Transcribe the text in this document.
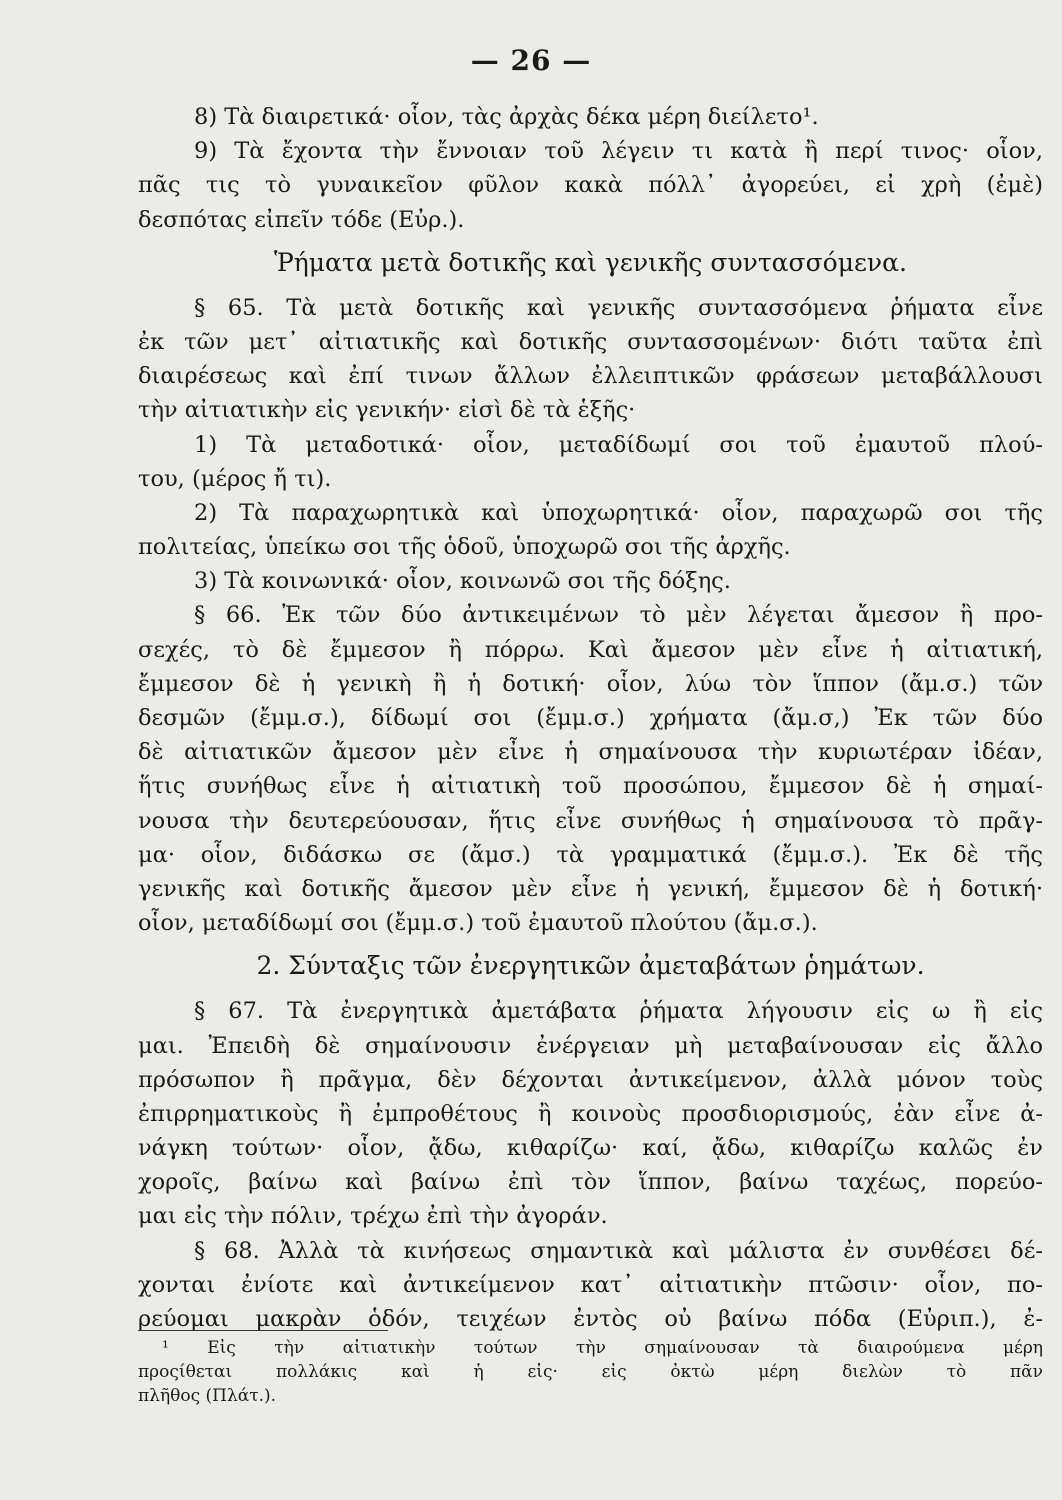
— 26 —
8) Τὰ διαιρετικά· οἷον, τὰς ἀρχὰς δέκα μέρη διείλετο¹.
9) Τὰ ἔχοντα τὴν ἔννοιαν τοῦ λέγειν τι κατὰ ἢ περί τινος· οἷον,
πᾶς τις τὸ γυναικεῖον φῦλον κακὰ πόλλ᾿ ἀγορεύει, εἰ χρὴ (ἐμὲ)
δεσπότας εἰπεῖν τόδε (Εὐρ.).
Ῥήματα μετὰ δοτικῆς καὶ γενικῆς συντασσόμενα.
§ 65. Τὰ μετὰ δοτικῆς καὶ γενικῆς συντασσόμενα ῥήματα εἶνε
ἐκ τῶν μετ᾿ αἰτιατικῆς καὶ δοτικῆς συντασσομένων· διότι ταῦτα ἐπὶ
διαιρέσεως καὶ ἐπί τινων ἄλλων ἐλλειπτικῶν φράσεων μεταβάλλουσι
τὴν αἰτιατικὴν εἰς γενικήν· εἰσὶ δὲ τὰ ἑξῆς·
1) Τὰ μεταδοτικά· οἷον, μεταδίδωμί σοι τοῦ ἐμαυτοῦ πλού-
του, (μέρος ἤ τι).
2) Τὰ παραχωρητικὰ καὶ ὑποχωρητικά· οἷον, παραχωρῶ σοι τῆς
πολιτείας, ὑπείκω σοι τῆς ὁδοῦ, ὑποχωρῶ σοι τῆς ἀρχῆς.
3) Τὰ κοινωνικά· οἷον, κοινωνῶ σοι τῆς δόξης.
§ 66. Ἐκ τῶν δύο ἀντικειμένων τὸ μὲν λέγεται ἄμεσον ἢ προ-
σεχές, τὸ δὲ ἔμμεσον ἢ πόρρω. Καὶ ἄμεσον μὲν εἶνε ἡ αἰτιατική,
ἔμμεσον δὲ ἡ γενικὴ ἢ ἡ δοτική· οἷον, λύω τὸν ἵππον (ἄμ.σ.) τῶν
δεσμῶν (ἔμμ.σ.), δίδωμί σοι (ἔμμ.σ.) χρήματα (ἄμ.σ,) Ἐκ τῶν δύο
δὲ αἰτιατικῶν ἄμεσον μὲν εἶνε ἡ σημαίνουσα τὴν κυριωτέραν ἰδέαν,
ἥτις συνήθως εἶνε ἡ αἰτιατικὴ τοῦ προσώπου, ἔμμεσον δὲ ἡ σημαί-
νουσα τὴν δευτερεύουσαν, ἥτις εἶνε συνήθως ἡ σημαίνουσα τὸ πρᾶγ-
μα· οἷον, διδάσκω σε (ἄμσ.) τὰ γραμματικά (ἔμμ.σ.). Ἐκ δὲ τῆς
γενικῆς καὶ δοτικῆς ἄμεσον μὲν εἶνε ἡ γενική, ἔμμεσον δὲ ἡ δοτική·
οἷον, μεταδίδωμί σοι (ἔμμ.σ.) τοῦ ἐμαυτοῦ πλούτου (ἄμ.σ.).
2. Σύνταξις τῶν ἐνεργητικῶν ἀμεταβάτων ῥημάτων.
§ 67. Τὰ ἐνεργητικὰ ἀμετάβατα ῥήματα λήγουσιν εἰς ω ἢ εἰς
μαι. Ἐπειδὴ δὲ σημαίνουσιν ἐνέργειαν μὴ μεταβαίνουσαν εἰς ἄλλο
πρόσωπον ἢ πρᾶγμα, δὲν δέχονται ἀντικείμενον, ἀλλὰ μόνον τοὺς
ἐπιρρηματικοὺς ἢ ἐμπροθέτους ἢ κοινοὺς προσδιορισμούς, ἐὰν εἶνε ἀ-
νάγκη τούτων· οἷον, ᾄδω, κιθαρίζω· καί, ᾄδω, κιθαρίζω καλῶς ἐν
χοροῖς, βαίνω καὶ βαίνω ἐπὶ τὸν ἵππον, βαίνω ταχέως, πορεύο-
μαι εἰς τὴν πόλιν, τρέχω ἐπὶ τὴν ἀγοράν.
§ 68. Ἀλλὰ τὰ κινήσεως σημαντικὰ καὶ μάλιστα ἐν συνθέσει δέ-
χονται ἐνίοτε καὶ ἀντικείμενον κατ᾿ αἰτιατικὴν πτῶσιν· οἷον, πο-
ρεύομαι μακρὰν ὁδόν, τειχέων ἐντὸς οὐ βαίνω πόδα (Εὐριπ.), ἐ-
¹ Εἰς τὴν αἰτιατικὴν τούτων τὴν σημαίνουσαν τὰ διαιρούμενα μέρη
προςίθεται πολλάκις καὶ ἡ εἰς· εἰς ὀκτὼ μέρη διελὼν τὸ πᾶν
πλῆθος (Πλάτ.).
